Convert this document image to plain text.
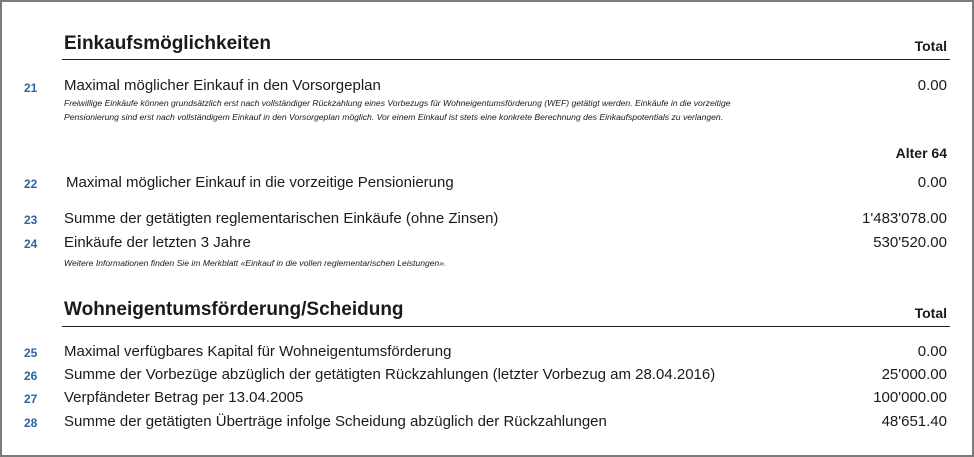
Einkaufsmöglichkeiten	Total
21 Maximal möglicher Einkauf in den Vorsorgeplan	0.00
Freiwillige Einkäufe können grundsätzlich erst nach vollständiger Rückzahlung eines Vorbezugs für Wohneigentumsförderung (WEF) getätigt werden. Einkäufe in die vorzeitige
Pensionierung sind erst nach vollständigem Einkauf in den Vorsorgeplan möglich. Vor einem Einkauf ist stets eine konkrete Berechnung des Einkaufspotentials zu verlangen.
Alter 64
22 Maximal möglicher Einkauf in die vorzeitige Pensionierung	0.00
23 Summe der getätigten reglementarischen Einkäufe (ohne Zinsen)	1'483'078.00
24 Einkäufe der letzten 3 Jahre	530'520.00
Weitere Informationen finden Sie im Merkblatt «Einkauf in die vollen reglementarischen Leistungen».
Wohneigentumsförderung/Scheidung	Total
25 Maximal verfügbares Kapital für Wohneigentumsförderung	0.00
26 Summe der Vorbezüge abzüglich der getätigten Rückzahlungen (letzter Vorbezug am 28.04.2016)	25'000.00
27 Verpfändeter Betrag per 13.04.2005	100'000.00
28 Summe der getätigten Überträge infolge Scheidung abzüglich der Rückzahlungen	48'651.40
